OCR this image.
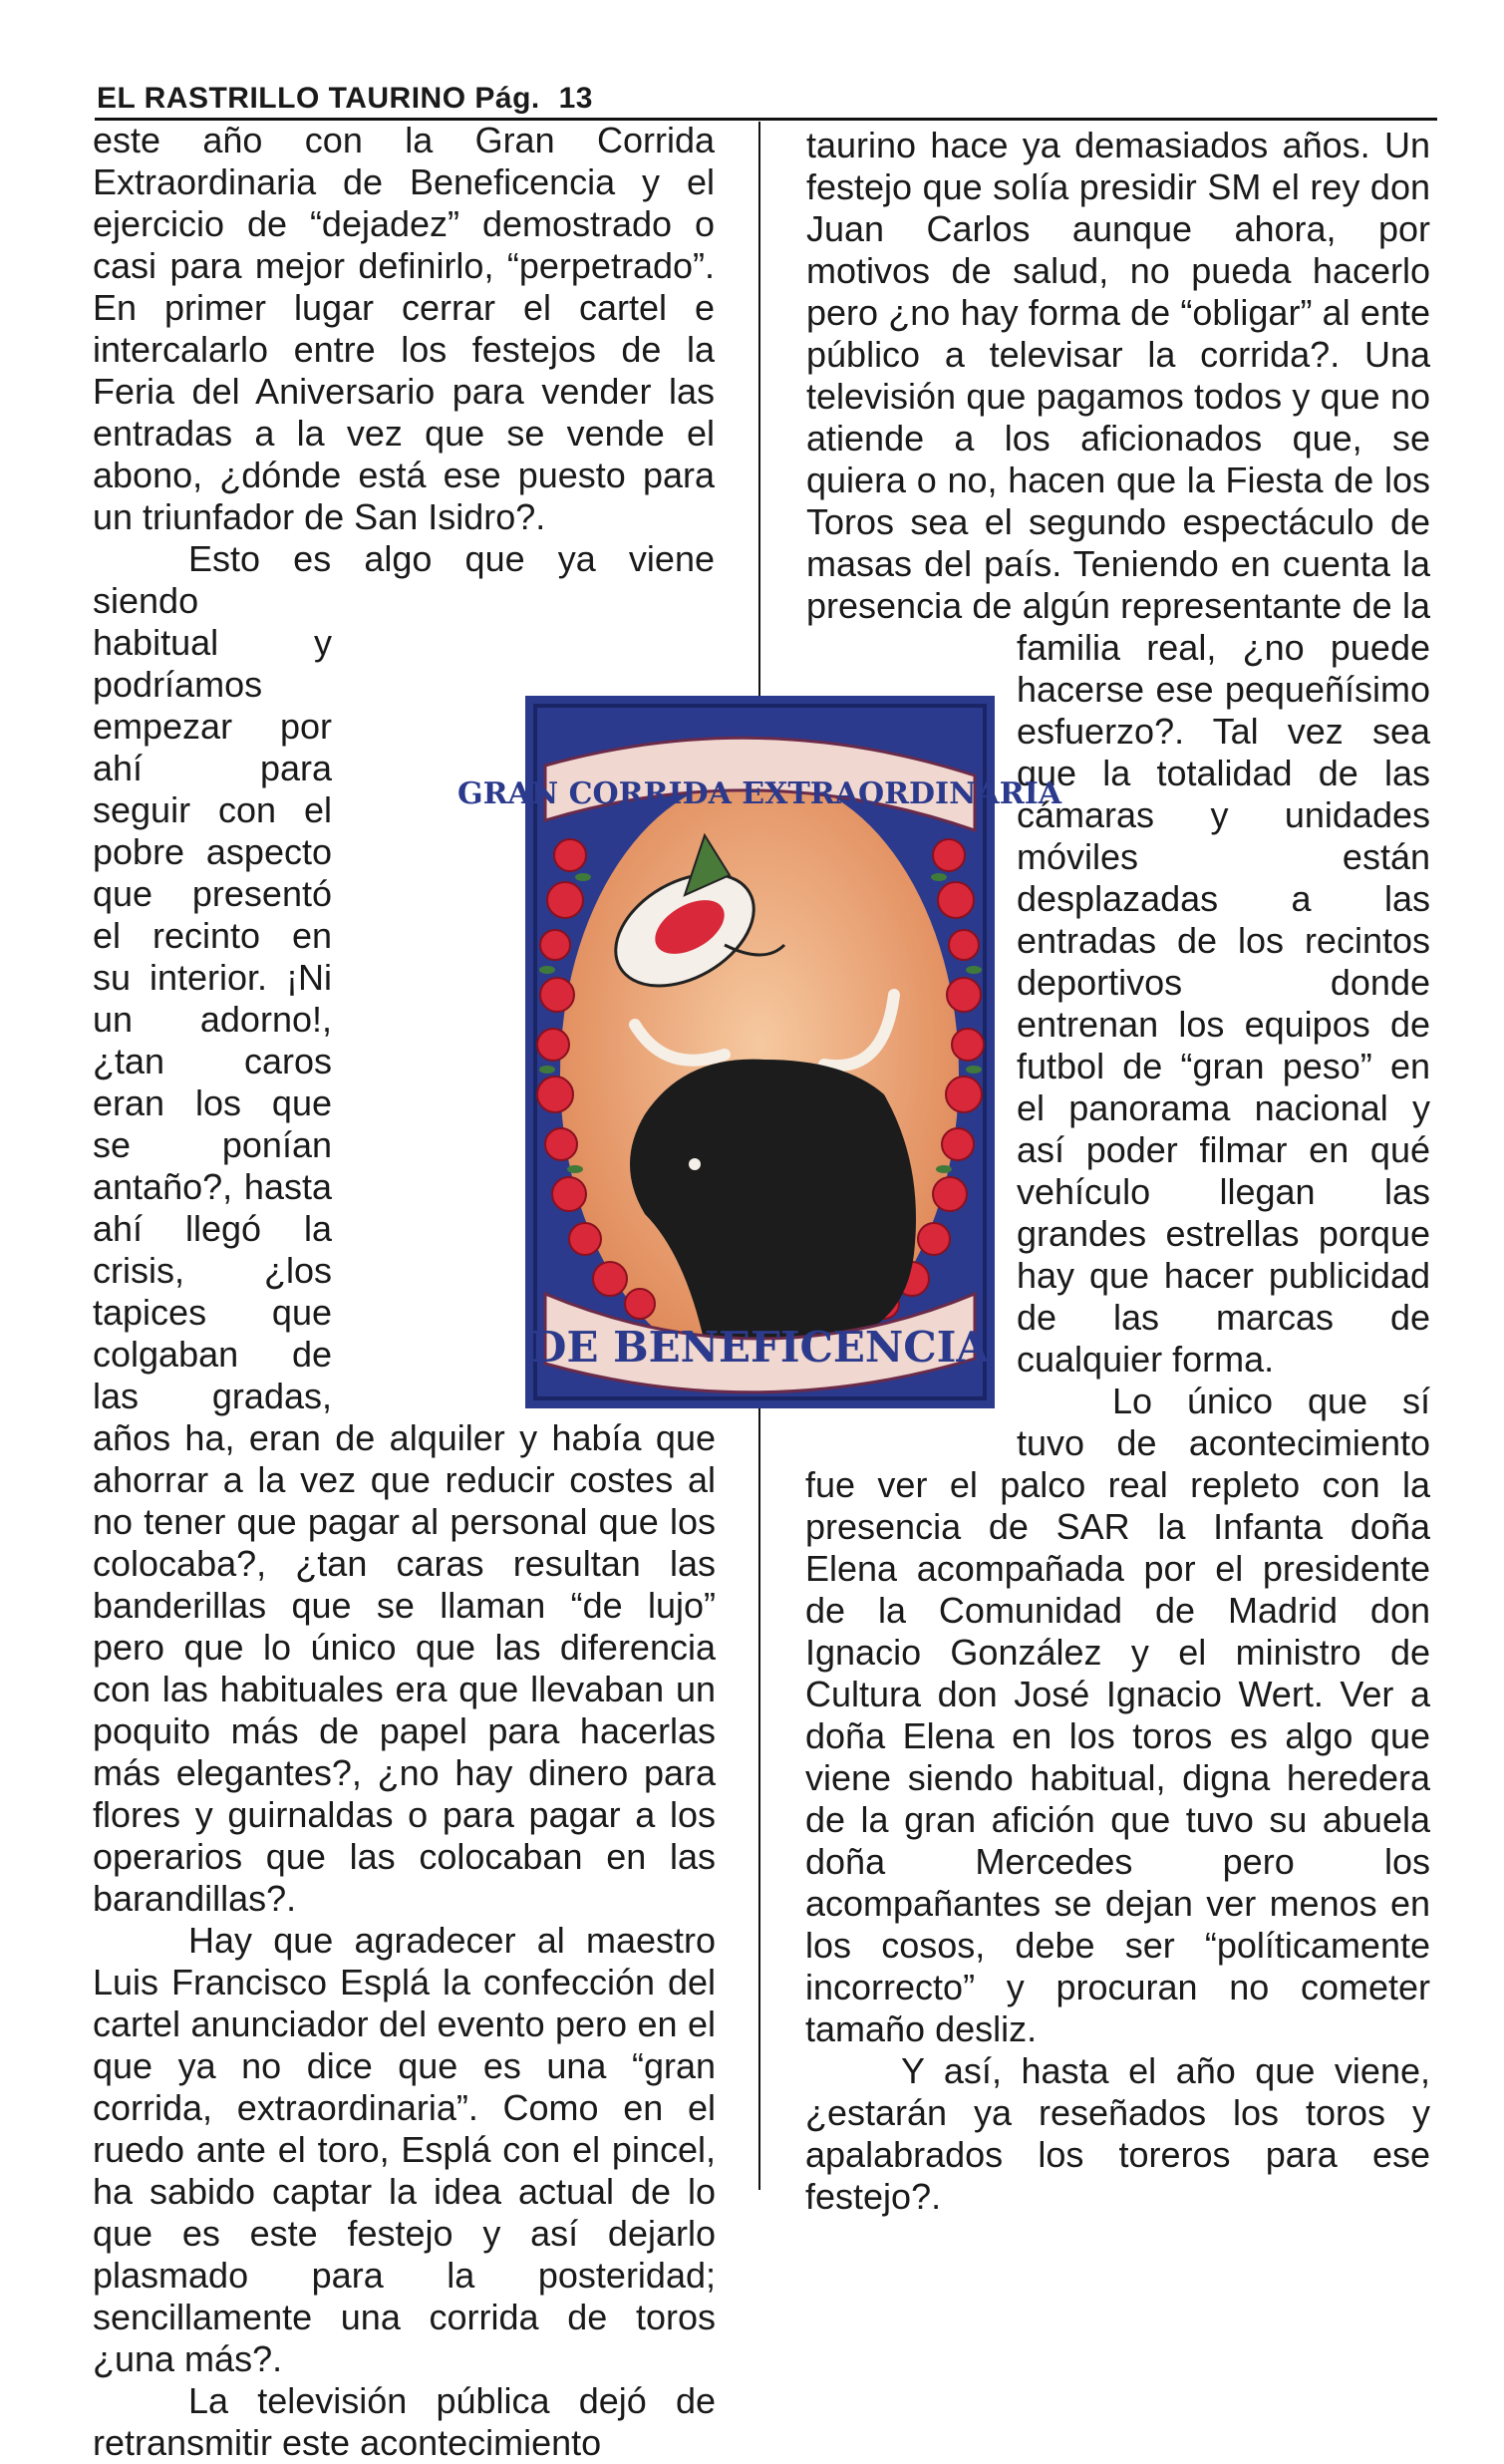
EL RASTRILLO TAURINO Pág. 13

este año con la Gran Corrida Extraordinaria de Beneficencia y el ejercicio de “dejadez” demostrado o casi para mejor definirlo, “perpetrado”. En primer lugar cerrar el cartel e intercalarlo entre los festejos de la Feria del Aniversario para vender las entradas a la vez que se vende el abono, ¿dónde está ese puesto para un triunfador de San Isidro?.

Esto es algo que ya viene siendo habitual y podríamos empezar por ahí para seguir con el pobre aspecto que presentó el recinto en su interior. ¡Ni un adorno!, ¿tan caros eran los que se ponían antaño?, hasta ahí llegó la crisis, ¿los tapices que colgaban de las gradas, años ha, eran de alquiler y había que ahorrar a la vez que reducir costes al no tener que pagar al personal que los colocaba?, ¿tan caras resultan las banderillas que se llaman “de lujo” pero que lo único que las diferencia con las habituales era que llevaban un poquito más de papel para hacerlas más elegantes?, ¿no hay dinero para flores y guirnaldas o para pagar a los operarios que las colocaban en las barandillas?.

Hay que agradecer al maestro Luis Francisco Esplá la confección del cartel anunciador del evento pero en el que ya no dice que es una “gran corrida, extraordinaria”. Como en el ruedo ante el toro, Esplá con el pincel, ha sabido captar la idea actual de lo que es este festejo y así dejarlo plasmado para la posteridad; sencillamente una corrida de toros ¿una más?.

La televisión pública dejó de retransmitir este acontecimiento

taurino hace ya demasiados años. Un festejo que solía presidir SM el rey don Juan Carlos aunque ahora, por motivos de salud, no pueda hacerlo pero ¿no hay forma de “obligar” al ente público a televisar la corrida?. Una televisión que pagamos todos y que no atiende a los aficionados que, se quiera o no, hacen que la Fiesta de los Toros sea el segundo espectáculo de masas del país. Teniendo en cuenta la presencia de algún representante de la familia real, ¿no puede hacerse ese pequeñísimo esfuerzo?. Tal vez sea que la totalidad de las cámaras y unidades móviles están desplazadas a las entradas de los recintos deportivos donde entrenan los equipos de futbol de “gran peso” en el panorama nacional y así poder filmar en qué vehículo llegan las grandes estrellas porque hay que hacer publicidad de las marcas de cualquier forma.

Lo único que sí tuvo de acontecimiento fue ver el palco real repleto con la presencia de SAR la Infanta doña Elena acompañada por el presidente de la Comunidad de Madrid don Ignacio González y el ministro de Cultura don José Ignacio Wert. Ver a doña Elena en los toros es algo que viene siendo habitual, digna heredera de la gran afición que tuvo su abuela doña Mercedes pero los acompañantes se dejan ver menos en los cosos, debe ser “políticamente incorrecto” y procuran no cometer tamaño desliz.

Y así, hasta el año que viene, ¿estarán ya reseñados los toros y apalabrados los toreros para ese festejo?.

GRAN CORRIDA EXTRAORDINARIA
DE BENEFICENCIA
